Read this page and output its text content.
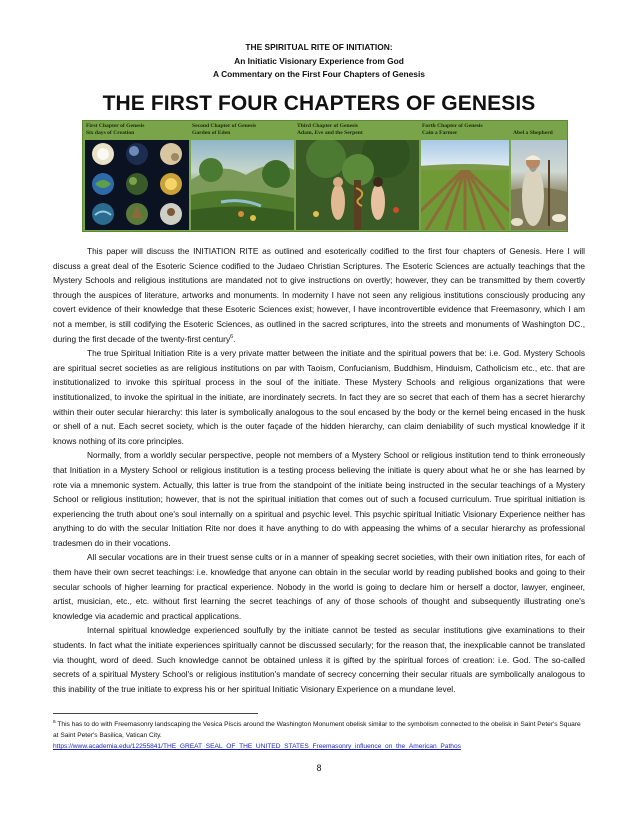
THE SPIRITUAL RITE OF INITIATION:
An Initiatic Visionary Experience from God
A Commentary on the First Four Chapters of Genesis
THE FIRST FOUR CHAPTERS OF GENESIS
First Chapter of Genesis
Six days of Creation
Second Chapter of Genesis
Garden of Eden
Third Chapter of Genesis
Adam, Eve and the Serpent
Forth Chapter of Genesis
Cain a Farmer	Abel a Shepherd

This paper will discuss the INITIATION RITE as outlined and esoterically codified to the first four chapters of Genesis. Here I will discuss a great deal of the Esoteric Science codified to the Judaeo Christian Scriptures. The Esoteric Sciences are actually teachings that the Mystery Schools and religious institutions are mandated not to give instructions on overtly; however, they can be transmitted by them covertly through the auspices of literature, artworks and monuments. In modernity I have not seen any religious institutions consciously producing any covert evidence of their knowledge that these Esoteric Sciences exist; however, I have incontrovertible evidence that Freemasonry, which I am not a member, is still codifying the Esoteric Sciences, as outlined in the sacred scriptures, into the streets and monuments of Washington DC., during the first decade of the twenty-first century$^6$.

The true Spiritual Initiation Rite is a very private matter between the initiate and the spiritual powers that be: i.e. God. Mystery Schools are spiritual secret societies as are religious institutions on par with Taoism, Confucianism, Buddhism, Hinduism, Catholicism etc., etc. that are institutionalized to invoke this spiritual process in the soul of the initiate. These Mystery Schools and religious organizations that were institutionalized, to invoke the spiritual in the initiate, are inordinately secrets. In fact they are so secret that each of them has a secret hierarchy within their outer secular hierarchy: this later is symbolically analogous to the soul encased by the body or the kernel being encased in the husk or shell of a nut. Each secret society, which is the outer façade of the hidden hierarchy, can claim deniability of such mystical knowledge if it knows nothing of its core principles.

Normally, from a worldly secular perspective, people not members of a Mystery School or religious institution tend to think erroneously that Initiation in a Mystery School or religious institution is a testing process believing the initiate is query about what he or she has learned by rote via a mnemonic system. Actually, this latter is true from the standpoint of the initiate being instructed in the secular teachings of a Mystery School or religious institution; however, that is not the spiritual initiation that comes out of such a focused curriculum. True spiritual initiation is experiencing the truth about one's soul internally on a spiritual and psychic level. This psychic spiritual Initiatic Visionary Experience neither has anything to do with the secular Initiation Rite nor does it have anything to do with appeasing the whims of a secular hierarchy as professional tradesmen do in their vocations.

All secular vocations are in their truest sense cults or in a manner of speaking secret societies, with their own initiation rites, for each of them have their own secret teachings: i.e. knowledge that anyone can obtain in the secular world by reading published books and going to their secular schools of higher learning for practical experience. Nobody in the world is going to declare him or herself a doctor, lawyer, engineer, artist, musician, etc., etc. without first learning the secret teachings of any of those schools of thought and subsequently illustrating one's knowledge via academic and practical applications.

Internal spiritual knowledge experienced soulfully by the initiate cannot be tested as secular institutions give examinations to their students. In fact what the initiate experiences spiritually cannot be discussed secularly; for the reason that, the inexplicable cannot be translated via thought, word of deed. Such knowledge cannot be obtained unless it is gifted by the spiritual forces of creation: i.e. God. The so-called secrets of a spiritual Mystery School's or religious institution's mandate of secrecy concerning their secular rituals are symbolically analogous to this inability of the true initiate to express his or her spiritual Initiatic Visionary Experience on a mundane level.

$^6$ This has to do with Freemasonry landscaping the Vesica Piscis around the Washington Monument obelisk similar to the symbolism connected to the obelisk in Saint Peter's Square at Saint Peter's Basilica, Vatican City.
https://www.academia.edu/12255841/THE_GREAT_SEAL_OF_THE_UNITED_STATES_Freemasonry_influence_on_the_American_Pathos
8
